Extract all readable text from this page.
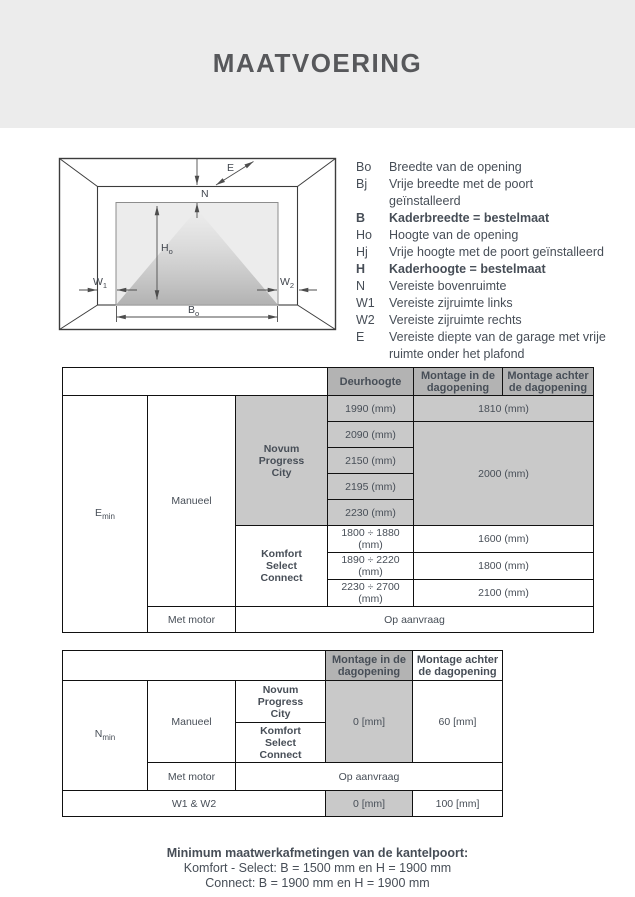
MAATVOERING
N
E
$H_o$
$B_o$
$W_1$	$W_2$
Bo	Breedte van de opening
Bj	Vrije breedte met de poort geïnstalleerd
B	Kaderbreedte = bestelmaat
Ho	Hoogte van de opening
Hj	Vrije hoogte met de poort geïnstalleerd
H	Kaderhoogte = bestelmaat
N	Vereiste bovenruimte
W1	Vereiste zijruimte links
W2	Vereiste zijruimte rechts
E	Vereiste diepte van de garage met vrije ruimte onder het plafond
			Deurhoogte	Montage in de dagopening	Montage achter de dagopening
$E_{min}$	Manueel	Novum Progress City	1990 (mm)	1810 (mm)	
			2090 (mm)	2000 (mm)	
			2150 (mm)		
			2195 (mm)		
			2230 (mm)		
		Komfort Select Connect	1800 ÷ 1880 (mm)	1600 (mm)	
			1890 ÷ 2220 (mm)	1800 (mm)	
			2230 ÷ 2700 (mm)	2100 (mm)	
	Met motor	Op aanvraag			
			Montage in de dagopening	Montage achter de dagopening
$N_{min}$	Manueel	Novum Progress City	0 [mm]	60 [mm]
		Komfort Select Connect		
	Met motor	Op aanvraag		
W1 & W2			0 [mm]	100 [mm]
Minimum maatwerkafmetingen van de kantelpoort:
Komfort - Select: B = 1500 mm en H = 1900 mm
Connect: B = 1900 mm en H = 1900 mm
